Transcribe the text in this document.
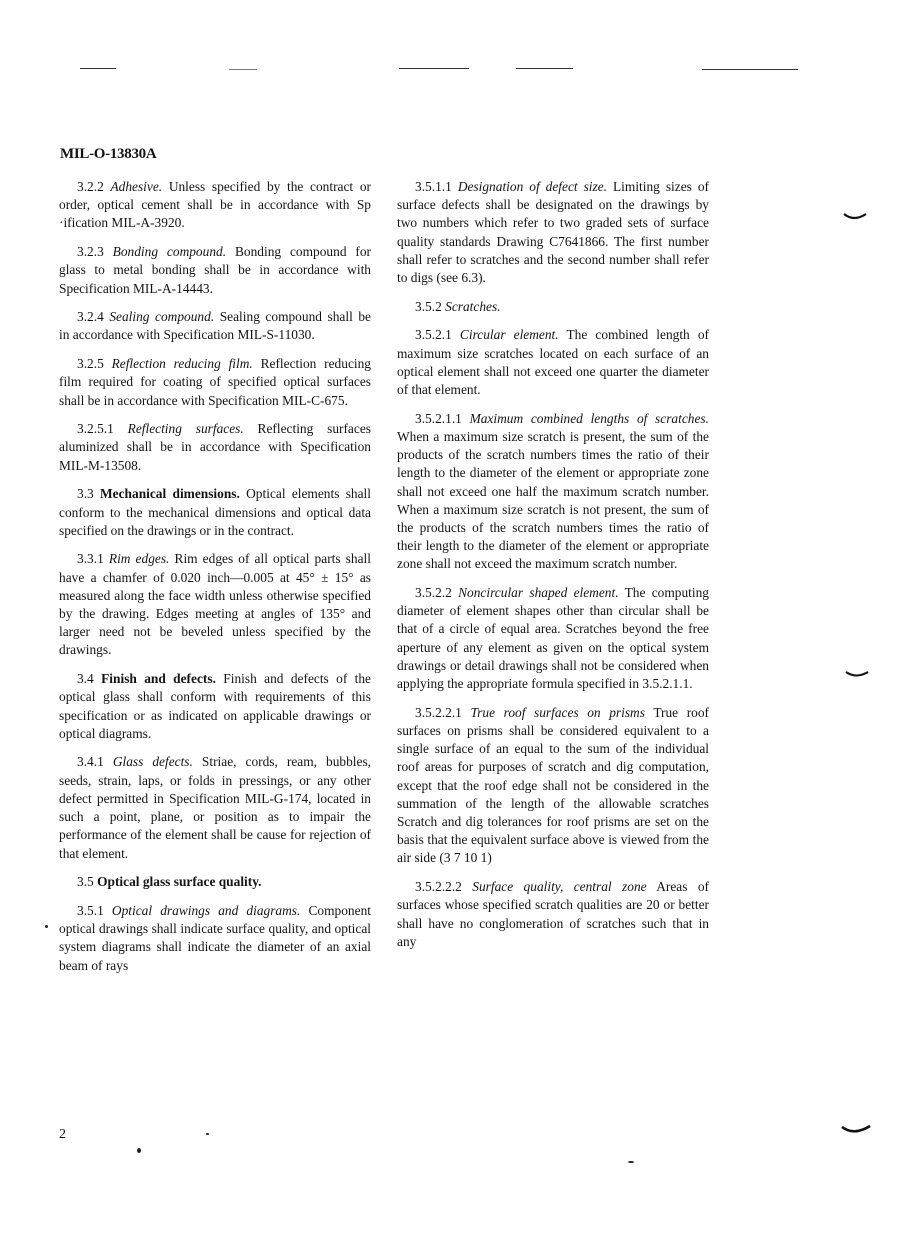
MIL-O-13830A

3.2.2 Adhesive. Unless specified by the contract or order, optical cement shall be in accordance with Sp ·ification MIL-A-3920.

3.2.3 Bonding compound. Bonding compound for glass to metal bonding shall be in accordance with Specification MIL-A-14443.

3.2.4 Sealing compound. Sealing compound shall be in accordance with Specification MIL-S-11030.

3.2.5 Reflection reducing film. Reflection reducing film required for coating of specified optical surfaces shall be in accordance with Specification MIL-C-675.

3.2.5.1 Reflecting surfaces. Reflecting surfaces aluminized shall be in accordance with Specification MIL-M-13508.

3.3 Mechanical dimensions. Optical elements shall conform to the mechanical dimensions and optical data specified on the drawings or in the contract.

3.3.1 Rim edges. Rim edges of all optical parts shall have a chamfer of 0.020 inch—0.005 at 45° ± 15° as measured along the face width unless otherwise specified by the drawing. Edges meeting at angles of 135° and larger need not be beveled unless specified by the drawings.

3.4 Finish and defects. Finish and defects of the optical glass shall conform with requirements of this specification or as indicated on applicable drawings or optical diagrams.

3.4.1 Glass defects. Striae, cords, ream, bubbles, seeds, strain, laps, or folds in pressings, or any other defect permitted in Specification MIL-G-174, located in such a point, plane, or position as to impair the performance of the element shall be cause for rejection of that element.

3.5 Optical glass surface quality.

3.5.1 Optical drawings and diagrams. Component optical drawings shall indicate surface quality, and optical system diagrams shall indicate the diameter of an axial beam of rays

3.5.1.1 Designation of defect size. Limiting sizes of surface defects shall be designated on the drawings by two numbers which refer to two graded sets of surface quality standards Drawing C7641866. The first number shall refer to scratches and the second number shall refer to digs (see 6.3).

3.5.2 Scratches.

3.5.2.1 Circular element. The combined length of maximum size scratches located on each surface of an optical element shall not exceed one quarter the diameter of that element.

3.5.2.1.1 Maximum combined lengths of scratches. When a maximum size scratch is present, the sum of the products of the scratch numbers times the ratio of their length to the diameter of the element or appropriate zone shall not exceed one half the maximum scratch number. When a maximum size scratch is not present, the sum of the products of the scratch numbers times the ratio of their length to the diameter of the element or appropriate zone shall not exceed the maximum scratch number.

3.5.2.2 Noncircular shaped element. The computing diameter of element shapes other than circular shall be that of a circle of equal area. Scratches beyond the free aperture of any element as given on the optical system drawings or detail drawings shall not be considered when applying the appropriate formula specified in 3.5.2.1.1.

3.5.2.2.1 True roof surfaces on prisms True roof surfaces on prisms shall be considered equivalent to a single surface of an equal to the sum of the individual roof areas for purposes of scratch and dig computation, except that the roof edge shall not be considered in the summation of the length of the allowable scratches Scratch and dig tolerances for roof prisms are set on the basis that the equivalent surface above is viewed from the air side (3 7 10 1)

3.5.2.2.2 Surface quality, central zone Areas of surfaces whose specified scratch qualities are 20 or better shall have no conglomeration of scratches such that in any

2
